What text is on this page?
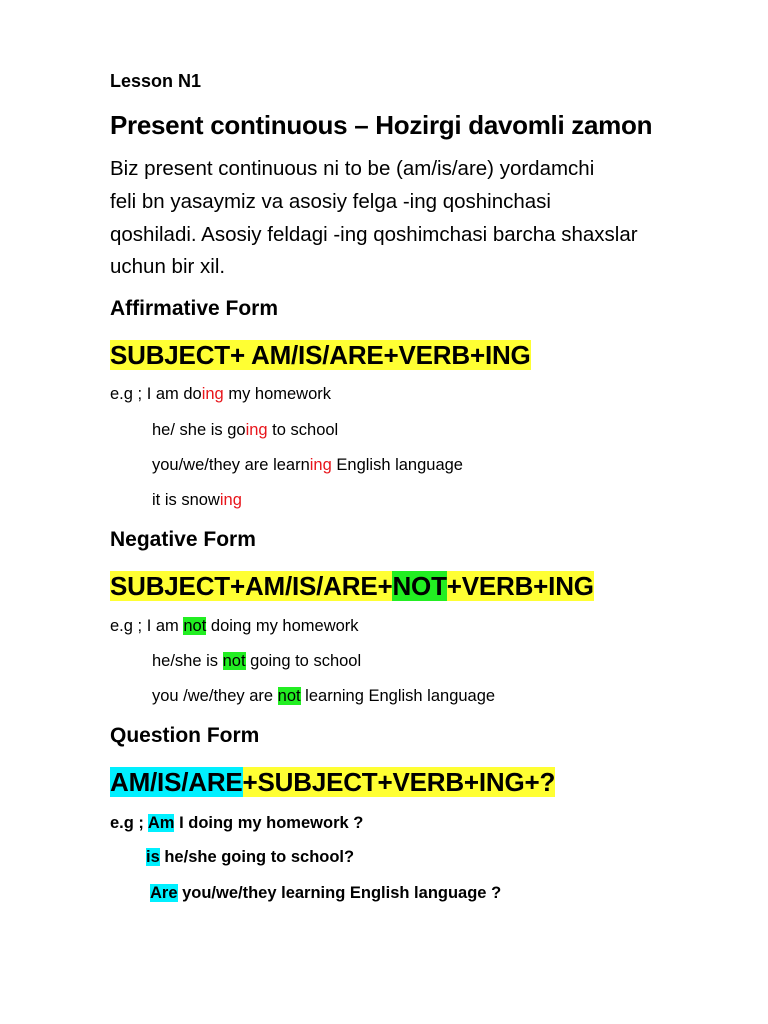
Lesson N1
Present continuous – Hozirgi davomli zamon
Biz present continuous ni to be (am/is/are) yordamchi
feli bn yasaymiz va asosiy felga -ing qoshinchasi
qoshiladi. Asosiy feldagi -ing qoshimchasi barcha shaxslar
uchun bir xil.
Affirmative Form
SUBJECT+ AM/IS/ARE+VERB+ING
e.g ; I am doing my homework
he/ she is going to school
you/we/they are learning English language
it is snowing
Negative Form
SUBJECT+AM/IS/ARE+NOT+VERB+ING
e.g ; I am not doing my homework
he/she is not going to school
you /we/they are not learning English language
Question Form
AM/IS/ARE+SUBJECT+VERB+ING+?
e.g ; Am I doing my homework ?
is he/she going to school?
Are you/we/they learning English language ?
